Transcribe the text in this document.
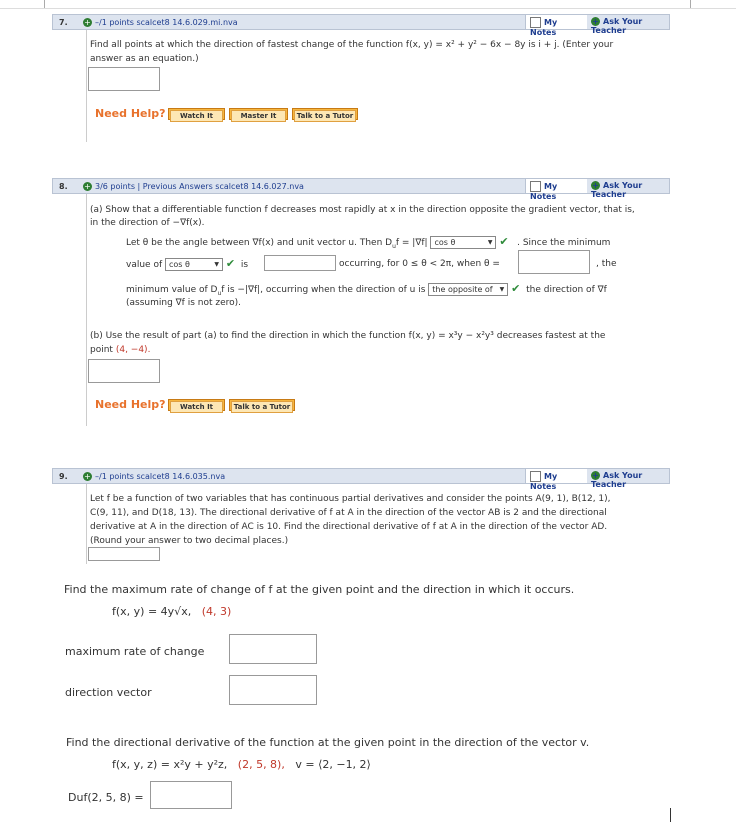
7. + –/1 points scalcet8 14.6.029.mi.nva	My Notes
+ Ask Your Teacher
Find all points at which the direction of fastest change of the function f(x, y) = x² + y² − 6x − 8y is i + j. (Enter your
answer as an equation.)
Need Help?	Watch It	Master It	Talk to a Tutor
8. + 3/6 points | Previous Answers scalcet8 14.6.027.nva	My Notes
+ Ask Your Teacher
(a) Show that a differentiable function f decreases most rapidly at x in the direction opposite the gradient vector, that is,
in the direction of −∇f(x).
Let θ be the angle between ∇f(x) and unit vector u. Then $D_uf = |\nabla f|$ cos θ	▼ ✔ . Since the minimum
value of cos θ	▼ ✔ is	occurring, for 0 ≤ θ < 2π, when θ =	, the
minimum value of $D_uf$ is −|∇f|, occurring when the direction of u is the opposite of ▼ ✔ the direction of ∇f
(assuming ∇f is not zero).
(b) Use the result of part (a) to find the direction in which the function f(x, y) = x³y − x²y³ decreases fastest at the
point (4, −4).
Need Help?	Watch It	Talk to a Tutor
9. + –/1 points scalcet8 14.6.035.nva	My Notes
+ Ask Your Teacher
Let f be a function of two variables that has continuous partial derivatives and consider the points A(9, 1), B(12, 1),
C(9, 11), and D(18, 13). The directional derivative of f at A in the direction of the vector AB is 2 and the directional
derivative at A in the direction of AC is 10. Find the directional derivative of f at A in the direction of the vector AD.
(Round your answer to two decimal places.)
Find the maximum rate of change of f at the given point and the direction in which it occurs.
f(x, y) = 4y√x, (4, 3)
maximum rate of change
direction vector
Find the directional derivative of the function at the given point in the direction of the vector v.
f(x, y, z) = x²y + y²z, (2, 5, 8), v = ⟨2, −1, 2⟩
Duf(2, 5, 8) =
